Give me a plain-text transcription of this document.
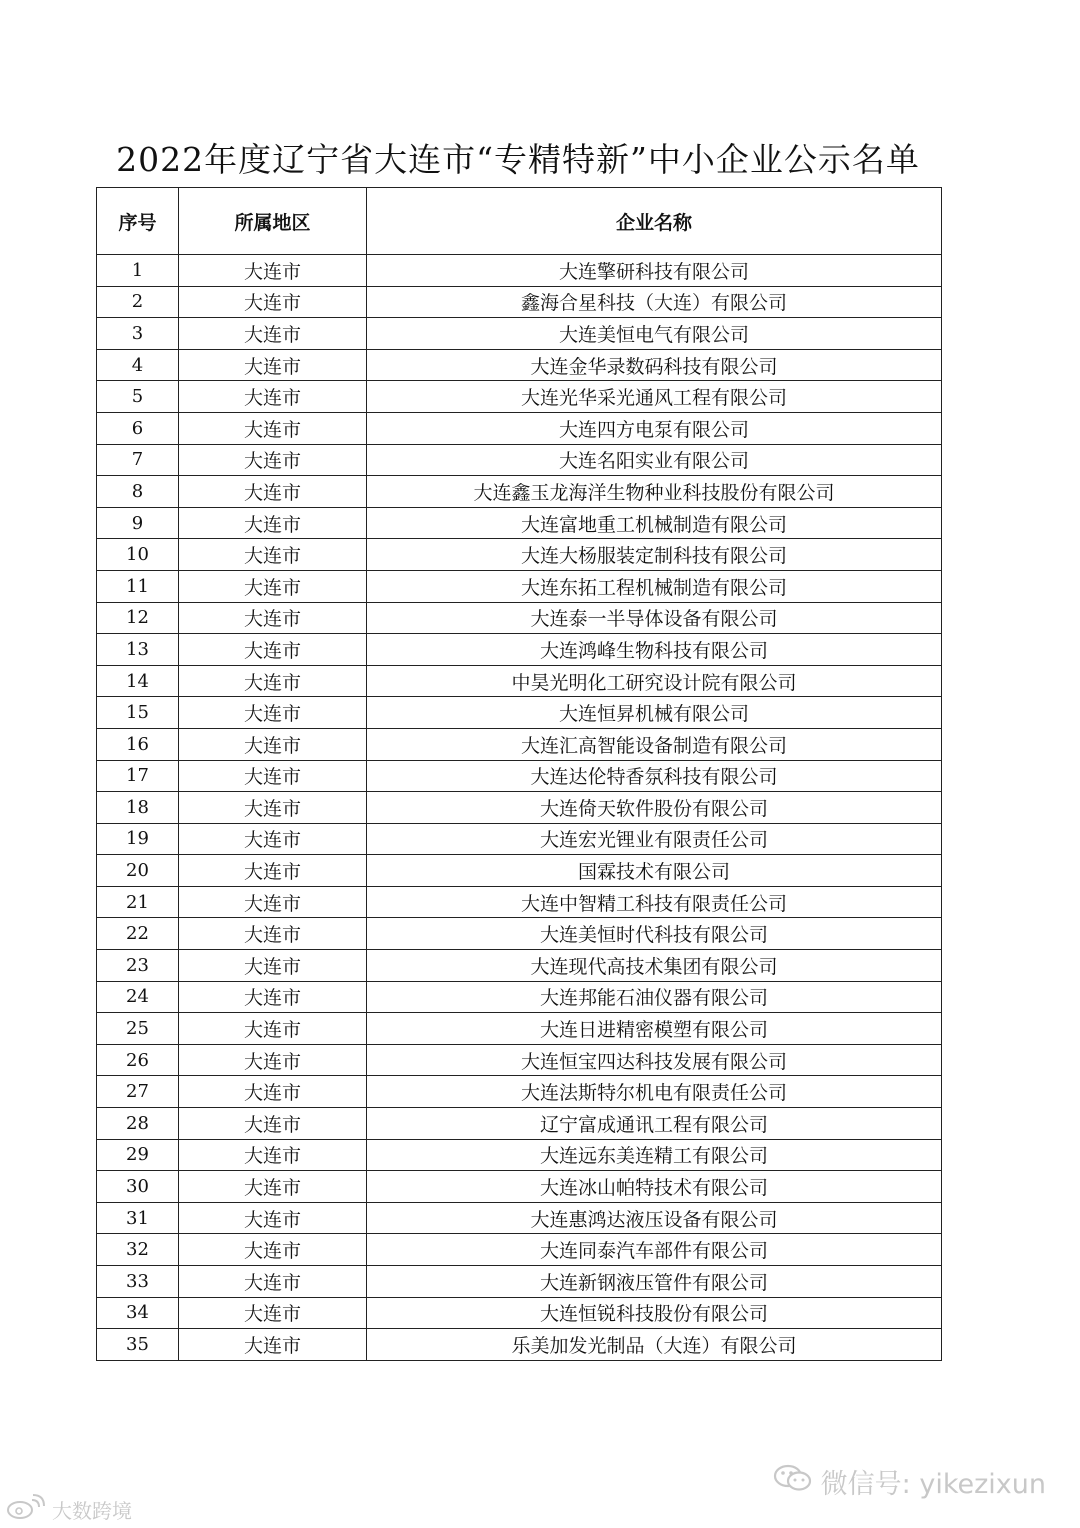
2022年度辽宁省大连市“专精特新”中小企业公示名单
序号	所属地区	企业名称
1	大连市	大连擎研科技有限公司
2	大连市	鑫海合星科技（大连）有限公司
3	大连市	大连美恒电气有限公司
4	大连市	大连金华录数码科技有限公司
5	大连市	大连光华采光通风工程有限公司
6	大连市	大连四方电泵有限公司
7	大连市	大连名阳实业有限公司
8	大连市	大连鑫玉龙海洋生物种业科技股份有限公司
9	大连市	大连富地重工机械制造有限公司
10	大连市	大连大杨服装定制科技有限公司
11	大连市	大连东拓工程机械制造有限公司
12	大连市	大连泰一半导体设备有限公司
13	大连市	大连鸿峰生物科技有限公司
14	大连市	中昊光明化工研究设计院有限公司
15	大连市	大连恒昇机械有限公司
16	大连市	大连汇高智能设备制造有限公司
17	大连市	大连达伦特香氛科技有限公司
18	大连市	大连倚天软件股份有限公司
19	大连市	大连宏光锂业有限责任公司
20	大连市	国霖技术有限公司
21	大连市	大连中智精工科技有限责任公司
22	大连市	大连美恒时代科技有限公司
23	大连市	大连现代高技术集团有限公司
24	大连市	大连邦能石油仪器有限公司
25	大连市	大连日进精密模塑有限公司
26	大连市	大连恒宝四达科技发展有限公司
27	大连市	大连法斯特尔机电有限责任公司
28	大连市	辽宁富成通讯工程有限公司
29	大连市	大连远东美连精工有限公司
30	大连市	大连冰山帕特技术有限公司
31	大连市	大连惠鸿达液压设备有限公司
32	大连市	大连同泰汽车部件有限公司
33	大连市	大连新钢液压管件有限公司
34	大连市	大连恒锐科技股份有限公司
35	大连市	乐美加发光制品（大连）有限公司
微信号: yikezixun
大数跨境
